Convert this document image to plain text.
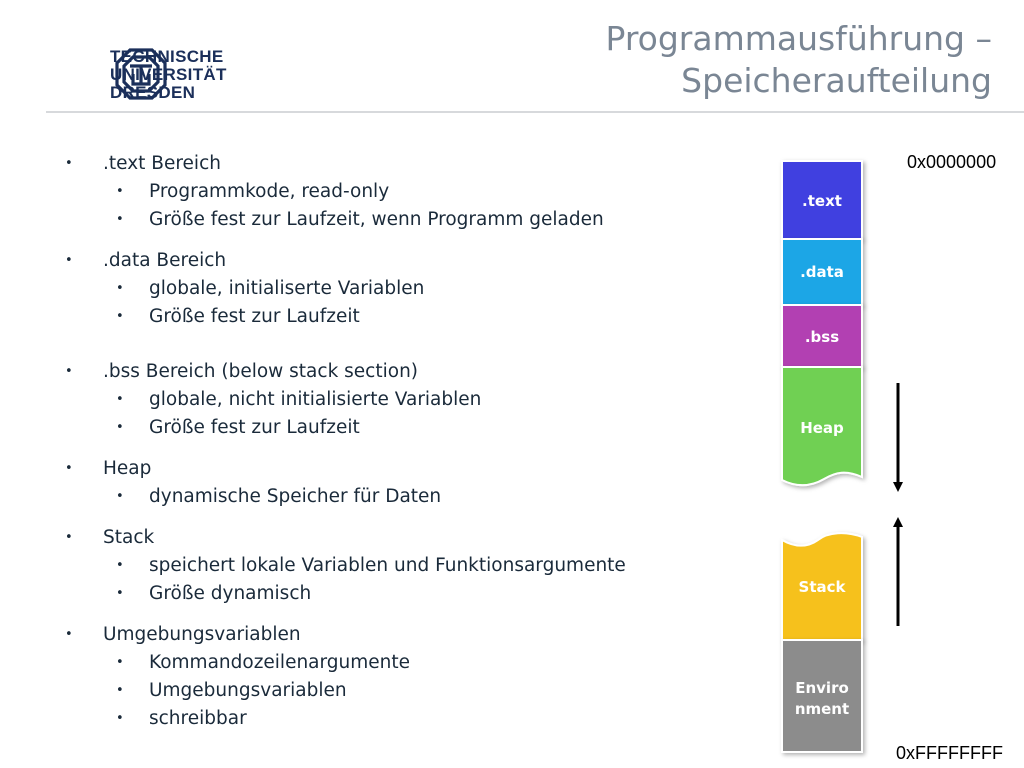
TECHNISCHE
UNIVERSITÄT
DRESDEN
Programmausführung –
Speicheraufteilung
• .text Bereich
• Programmkode, read-only
• Größe fest zur Laufzeit, wenn Programm geladen
• .data Bereich
• globale, initialiserte Variablen
• Größe fest zur Laufzeit
• .bss Bereich (below stack section)
• globale, nicht initialisierte Variablen
• Größe fest zur Laufzeit
• Heap
• dynamische Speicher für Daten
• Stack
• speichert lokale Variablen und Funktionsargumente
• Größe dynamisch
• Umgebungsvariablen
• Kommandozeilenargumente
• Umgebungsvariablen
• schreibbar
.text
.data
.bss
Heap
Stack
Enviro
nment
0x0000000
0xFFFFFFFF
